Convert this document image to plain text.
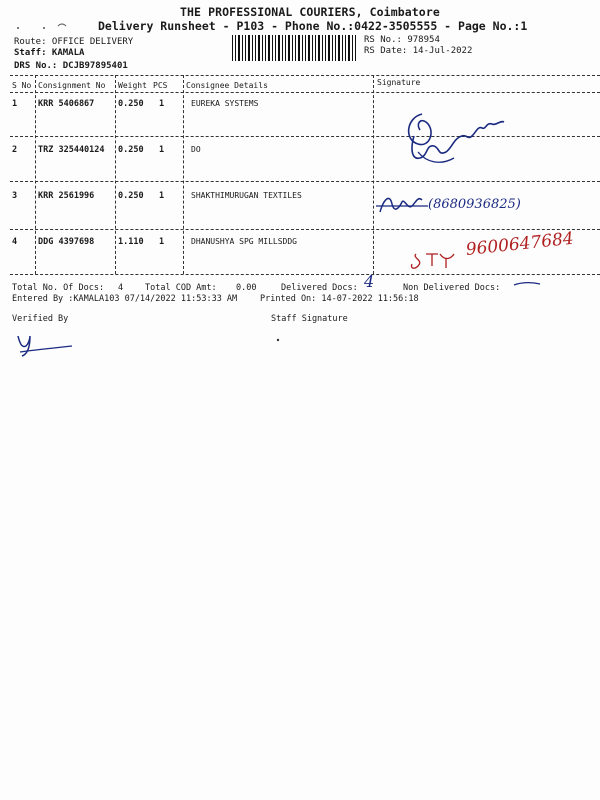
THE PROFESSIONAL COURIERS, Coimbatore
Delivery Runsheet - P103 - Phone No.:0422-3505555 - Page No.:1
Route: OFFICE DELIVERY
Staff: KAMALA
DRS No.: DCJB97895401
RS No.: 978954
RS Date: 14-Jul-2022
S No Consignment No Weight PCS Consignee Details	Signature
1 KRR 5406867	0.250 1	EUREKA SYSTEMS
2 TRZ 325440124 0.250 1	DO
3 KRR 2561996	0.250 1	SHAKTHIMURUGAN TEXTILES
4 DDG 4397698	1.110 1	DHANUSHYA SPG MILLSDDG
(8680936825)
9600647684
Total No. Of Docs: 4	Total COD Amt: 0.00	Delivered Docs: 4	Non Delivered Docs:
Entered By :KAMALA103 07/14/2022 11:53:33 AM	Printed On: 14-07-2022 11:56:18
Verified By	Staff Signature
